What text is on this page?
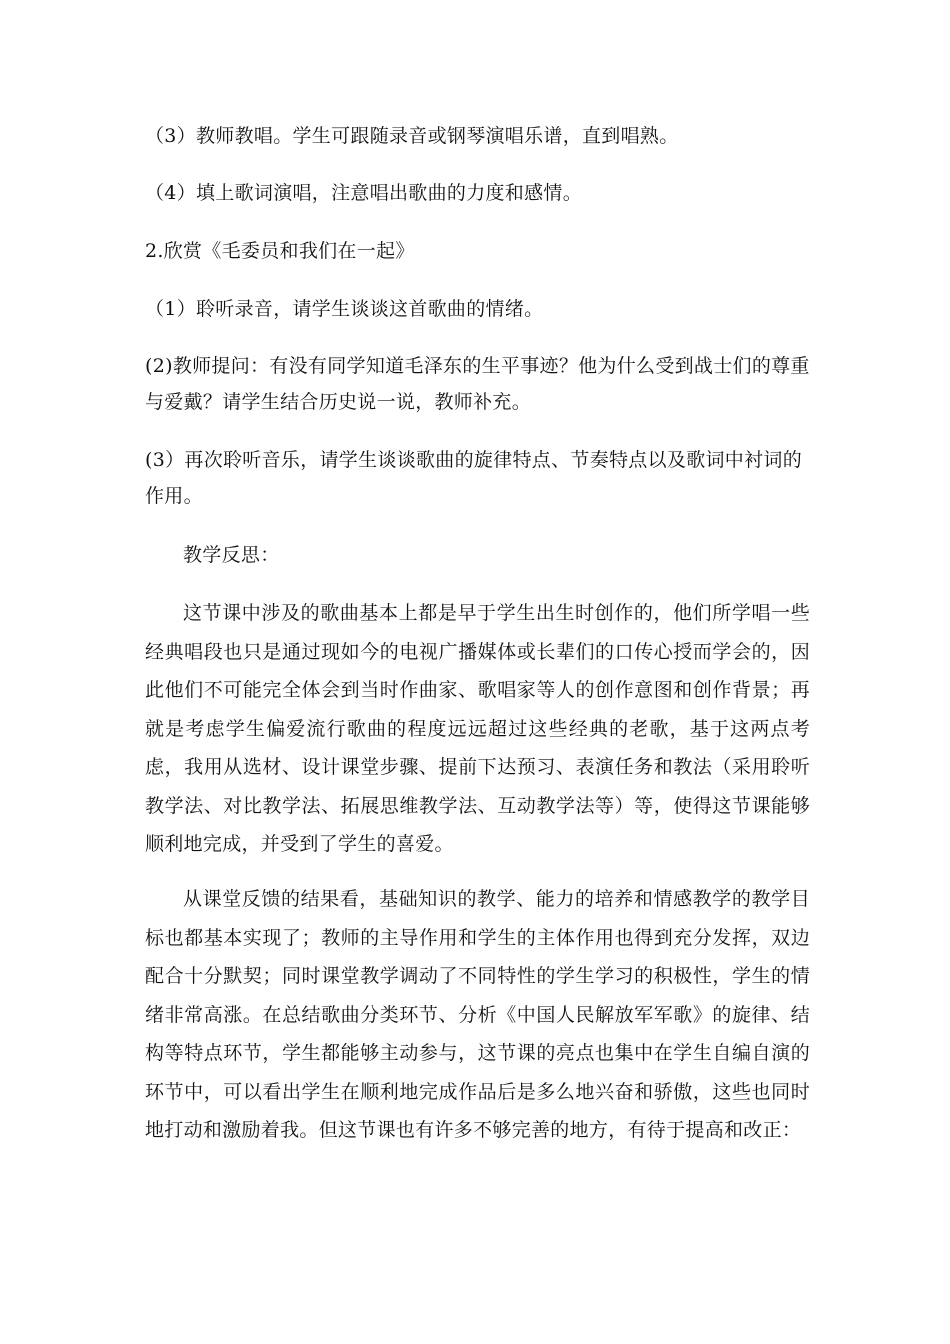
（3）教师教唱。学生可跟随录音或钢琴演唱乐谱，直到唱熟。

（4）填上歌词演唱，注意唱出歌曲的力度和感情。

2.欣赏《毛委员和我们在一起》

（1）聆听录音，请学生谈谈这首歌曲的情绪。

(2)教师提问：有没有同学知道毛泽东的生平事迹？他为什么受到战士们的尊重与爱戴？请学生结合历史说一说，教师补充。

(3）再次聆听音乐，请学生谈谈歌曲的旋律特点、节奏特点以及歌词中衬词的作用。

教学反思：

这节课中涉及的歌曲基本上都是早于学生出生时创作的，他们所学唱一些经典唱段也只是通过现如今的电视广播媒体或长辈们的口传心授而学会的，因此他们不可能完全体会到当时作曲家、歌唱家等人的创作意图和创作背景；再就是考虑学生偏爱流行歌曲的程度远远超过这些经典的老歌，基于这两点考虑，我用从选材、设计课堂步骤、提前下达预习、表演任务和教法（采用聆听教学法、对比教学法、拓展思维教学法、互动教学法等）等，使得这节课能够顺利地完成，并受到了学生的喜爱。

从课堂反馈的结果看，基础知识的教学、能力的培养和情感教学的教学目标也都基本实现了；教师的主导作用和学生的主体作用也得到充分发挥，双边配合十分默契；同时课堂教学调动了不同特性的学生学习的积极性，学生的情绪非常高涨。在总结歌曲分类环节、分析《中国人民解放军军歌》的旋律、结构等特点环节，学生都能够主动参与，这节课的亮点也集中在学生自编自演的环节中，可以看出学生在顺利地完成作品后是多么地兴奋和骄傲，这些也同时地打动和激励着我。但这节课也有许多不够完善的地方，有待于提高和改正：
